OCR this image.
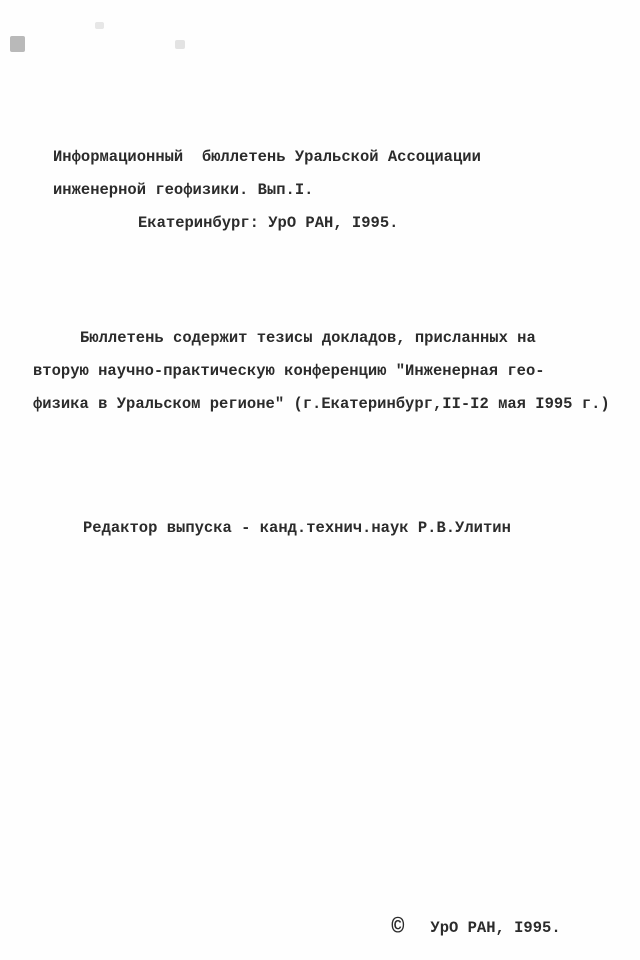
Информационный  бюллетень Уральской Ассоциации
инженерной геофизики. Вып.I.
Екатеринбург: УрО РАН, I995.
Бюллетень содержит тезисы докладов, присланных на
вторую научно-практическую конференцию "Инженерная гео-
физика в Уральском регионе" (г.Екатеринбург,II-I2 мая I995 г.)
Редактор выпуска - канд.технич.наук Р.В.Улитин

© УрО РАН, I995.
